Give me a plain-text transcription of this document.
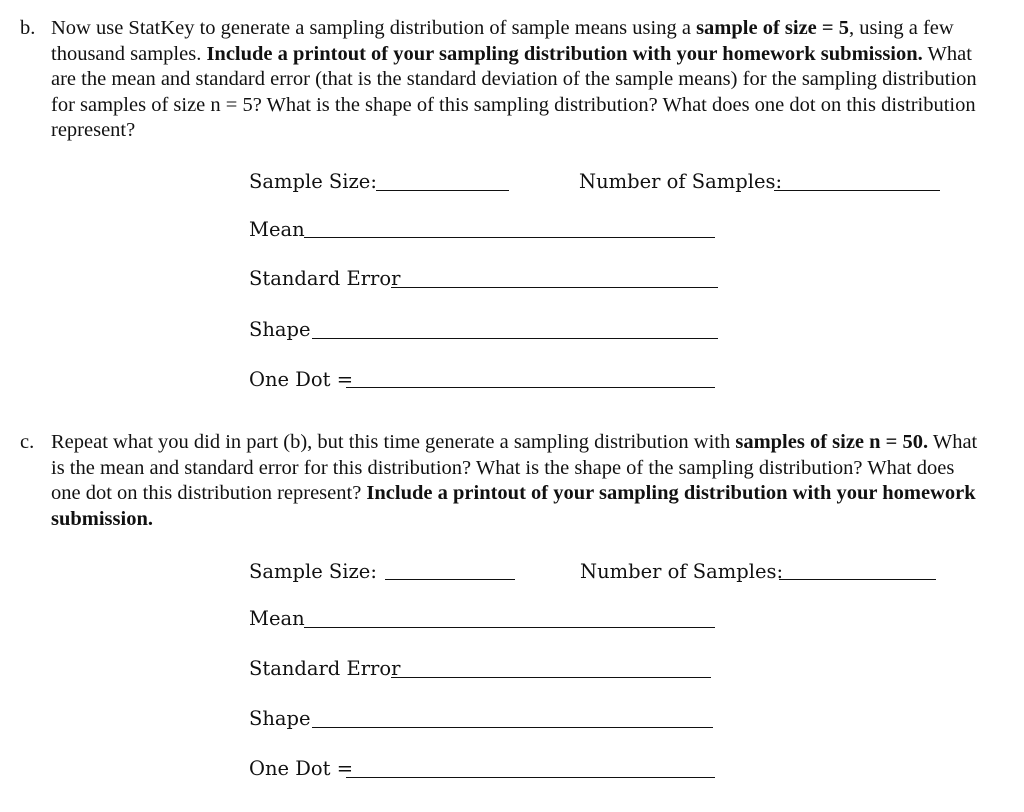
b. Now use StatKey to generate a sampling distribution of sample means using a sample of size = 5, using a few thousand samples. Include a printout of your sampling distribution with your homework submission. What are the mean and standard error (that is the standard deviation of the sample means) for the sampling distribution for samples of size n = 5? What is the shape of this sampling distribution? What does one dot on this distribution represent?
Sample Size:	Number of Samples:
Mean
Standard Error
Shape
One Dot =
c. Repeat what you did in part (b), but this time generate a sampling distribution with samples of size n = 50. What is the mean and standard error for this distribution? What is the shape of the sampling distribution? What does one dot on this distribution represent? Include a printout of your sampling distribution with your homework submission.
Sample Size:	Number of Samples:
Mean
Standard Error
Shape
One Dot =
